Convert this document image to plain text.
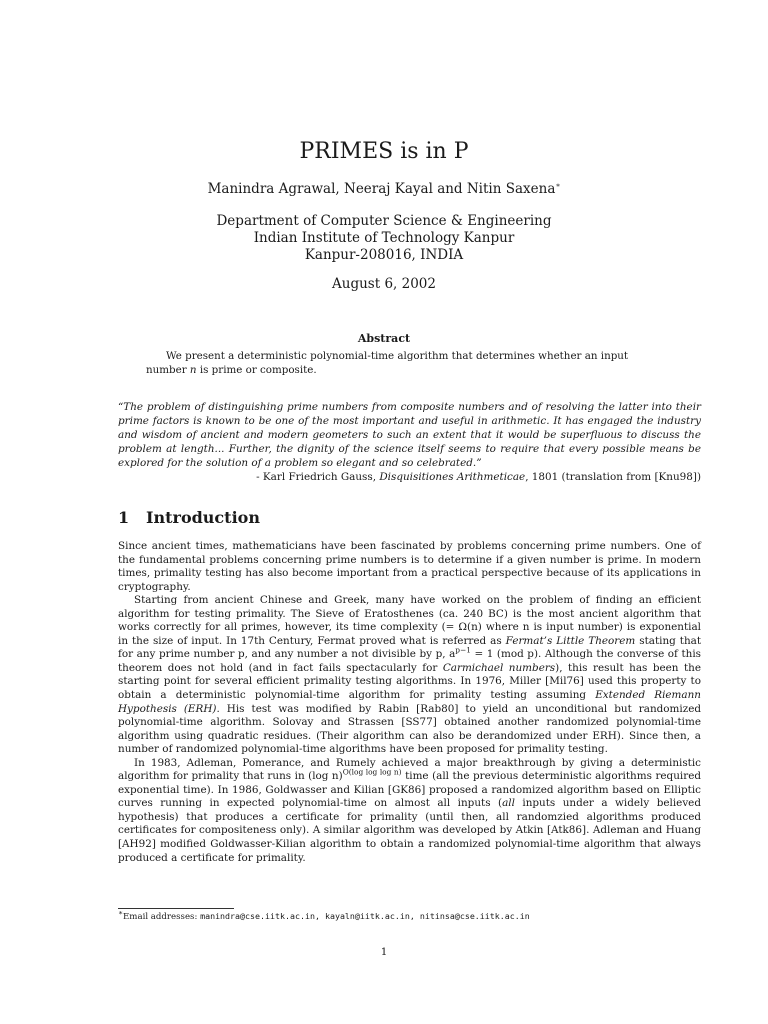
PRIMES is in P
Manindra Agrawal, Neeraj Kayal and Nitin Saxena∗
Department of Computer Science & Engineering
Indian Institute of Technology Kanpur
Kanpur-208016, INDIA
August 6, 2002
Abstract
We present a deterministic polynomial-time algorithm that determines whether an input number n is prime or composite.
“The problem of distinguishing prime numbers from composite numbers and of resolving the latter into their prime factors is known to be one of the most important and useful in arithmetic. It has engaged the industry and wisdom of ancient and modern geometers to such an extent that it would be superfluous to discuss the problem at length... Further, the dignity of the science itself seems to require that every possible means be explored for the solution of a problem so elegant and so celebrated.”
- Karl Friedrich Gauss, Disquisitiones Arithmeticae, 1801 (translation from [Knu98])
1 Introduction

Since ancient times, mathematicians have been fascinated by problems concerning prime numbers. One of the fundamental problems concerning prime numbers is to determine if a given number is prime. In modern times, primality testing has also become important from a practical perspective because of its applications in cryptography.

Starting from ancient Chinese and Greek, many have worked on the problem of finding an efficient algorithm for testing primality. The Sieve of Eratosthenes (ca. 240 BC) is the most ancient algorithm that works correctly for all primes, however, its time complexity (= Ω(n) where n is input number) is exponential in the size of input. In 17th Century, Fermat proved what is referred as Fermat’s Little Theorem stating that for any prime number p, and any number a not divisible by p, $a^{p-1} = 1$ (mod p). Although the converse of this theorem does not hold (and in fact fails spectacularly for Carmichael numbers), this result has been the starting point for several efficient primality testing algorithms. In 1976, Miller [Mil76] used this property to obtain a deterministic polynomial-time algorithm for primality testing assuming Extended Riemann Hypothesis (ERH). His test was modified by Rabin [Rab80] to yield an unconditional but randomized polynomial-time algorithm. Solovay and Strassen [SS77] obtained another randomized polynomial-time algorithm using quadratic residues. (Their algorithm can also be derandomized under ERH). Since then, a number of randomized polynomial-time algorithms have been proposed for primality testing.

In 1983, Adleman, Pomerance, and Rumely achieved a major breakthrough by giving a deterministic algorithm for primality that runs in (log n)$^{O(log log log n)}$ time (all the previous deterministic algorithms required exponential time). In 1986, Goldwasser and Kilian [GK86] proposed a randomized algorithm based on Elliptic curves running in expected polynomial-time on almost all inputs (all inputs under a widely believed hypothesis) that produces a certificate for primality (until then, all randomzied algorithms produced certificates for compositeness only). A similar algorithm was developed by Atkin [Atk86]. Adleman and Huang [AH92] modified Goldwasser-Kilian algorithm to obtain a randomized polynomial-time algorithm that always produced a certificate for primality.

∗Email addresses: manindra@cse.iitk.ac.in, kayaln@iitk.ac.in, nitinsa@cse.iitk.ac.in
1
